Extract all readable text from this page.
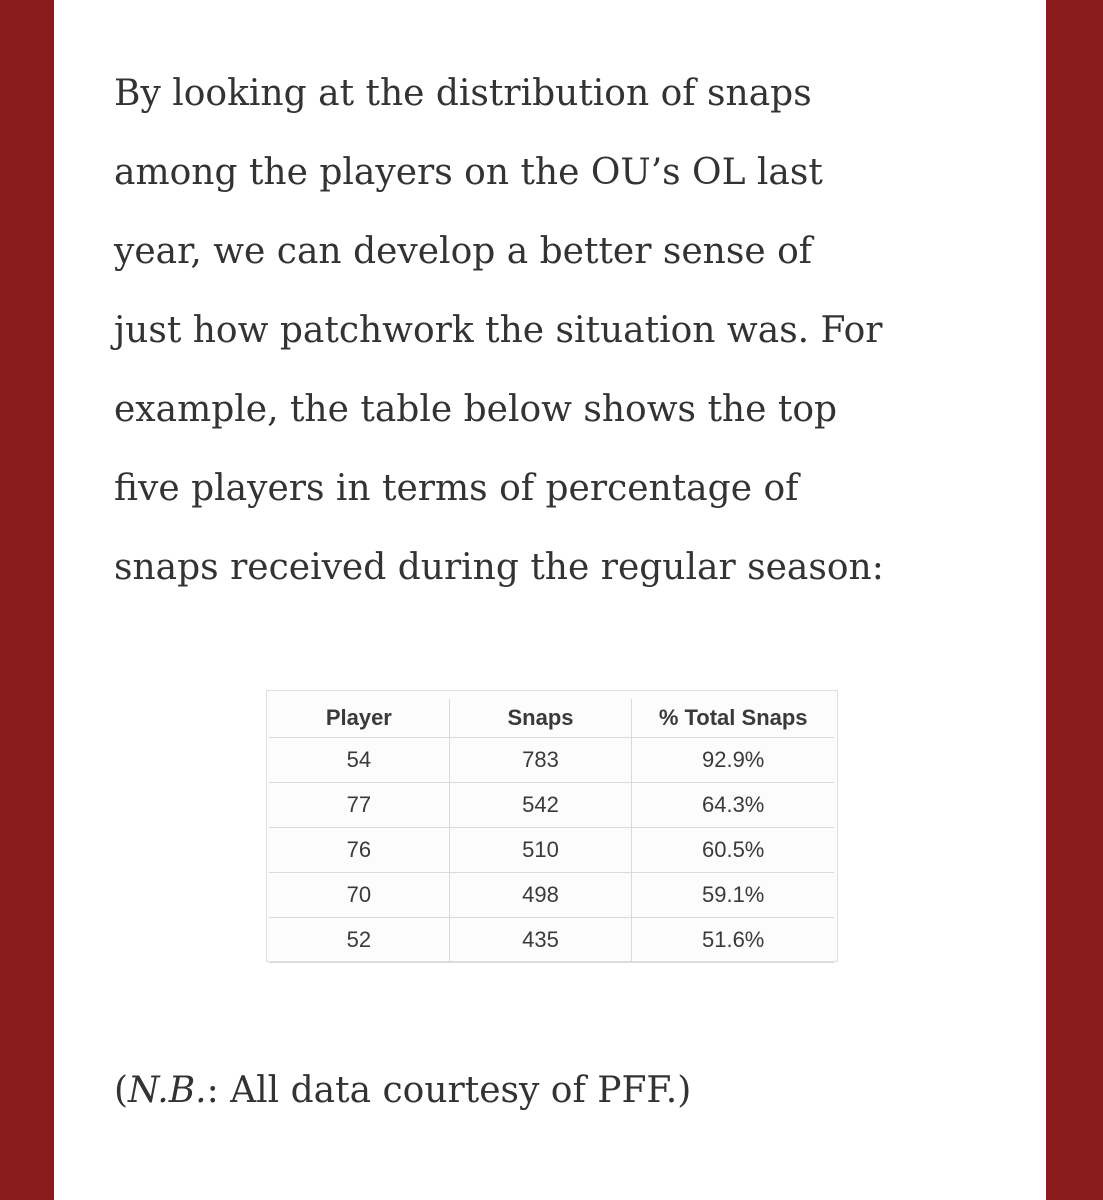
By looking at the distribution of snaps
among the players on the OU’s OL last
year, we can develop a better sense of
just how patchwork the situation was. For
example, the table below shows the top
five players in terms of percentage of
snaps received during the regular season:

Player	Snaps	% Total Snaps
54	783	92.9%
77	542	64.3%
76	510	60.5%
70	498	59.1%
52	435	51.6%

(N.B.: All data courtesy of PFF.)
